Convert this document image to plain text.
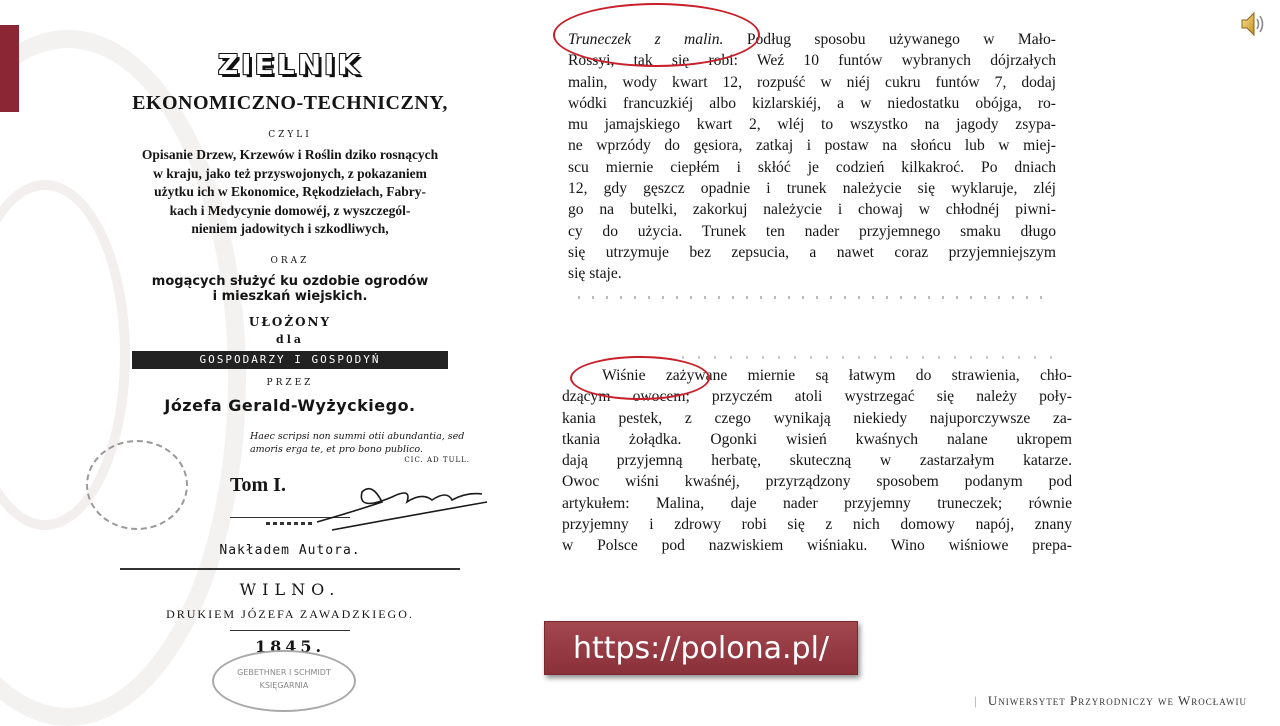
ZIELNIK
EKONOMICZNO-TECHNICZNY,
CZYLI
Opisanie Drzew, Krzewów i Roślin dziko rosnących
w kraju, jako też przyswojonych, z pokazaniem
użytku ich w Ekonomice, Rękodziełach, Fabry-
kach i Medycynie domowéj, z wyszczegól-
nieniem jadowitych i szkodliwych,
ORAZ
mogących służyć ku ozdobie ogrodów
i mieszkań wiejskich.
UŁOŻONY
dla
GOSPODARZY I GOSPODYŃ
PRZEZ
Józefa Gerald-Wyżyckiego.
Haec scripsi non summi otii abundantia, sed
amoris erga te, et pro bono publico.
CIC. AD TULL.
Tom I.
Nakładem Autora.
WILNO.
DRUKIEM JÓZEFA ZAWADZKIEGO.
1845.
GEBETHNER I SCHMIDT KSIĘGARNIA
Truneczek z malin. Podług sposobu używanego w Mało-
Rossyi, tak się robi: Weź 10 funtów wybranych dójrzałych
malin, wody kwart 12, rozpuść w niéj cukru funtów 7, dodaj
wódki francuzkiéj albo kizlarskiéj, a w niedostatku obójga, ro-
mu jamajskiego kwart 2, wléj to wszystko na jagody zsypa-
ne wprzódy do gęsiora, zatkaj i postaw na słońcu lub w miej-
scu miernie ciepłém i skłóć je codzień kilkakroć. Po dniach
12, gdy gęszcz opadnie i trunek należycie się wyklaruje, zléj
go na butelki, zakorkuj należycie i chowaj w chłodnéj piwni-
cy do użycia. Trunek ten nader przyjemnego smaku długo
się utrzymuje bez zepsucia, a nawet coraz przyjemniejszym
się staje.
Wiśnie zażywane miernie są łatwym do strawienia, chło-
dzącym owocem; przyczém atoli wystrzegać się należy poły-
kania pestek, z czego wynikają niekiedy najuporczywsze za-
tkania żołądka. Ogonki wisień kwaśnych nalane ukropem
dają przyjemną herbatę, skuteczną w zastarzałym katarze.
Owoc wiśni kwaśnéj, przyrządzony sposobem podanym pod
artykułem: Malina, daje nader przyjemny truneczek; równie
przyjemny i zdrowy robi się z nich domowy napój, znany
w Polsce pod nazwiskiem wiśniaku. Wino wiśniowe prepa-
https://polona.pl/
| Uniwersytet Przyrodniczy we Wrocławiu
